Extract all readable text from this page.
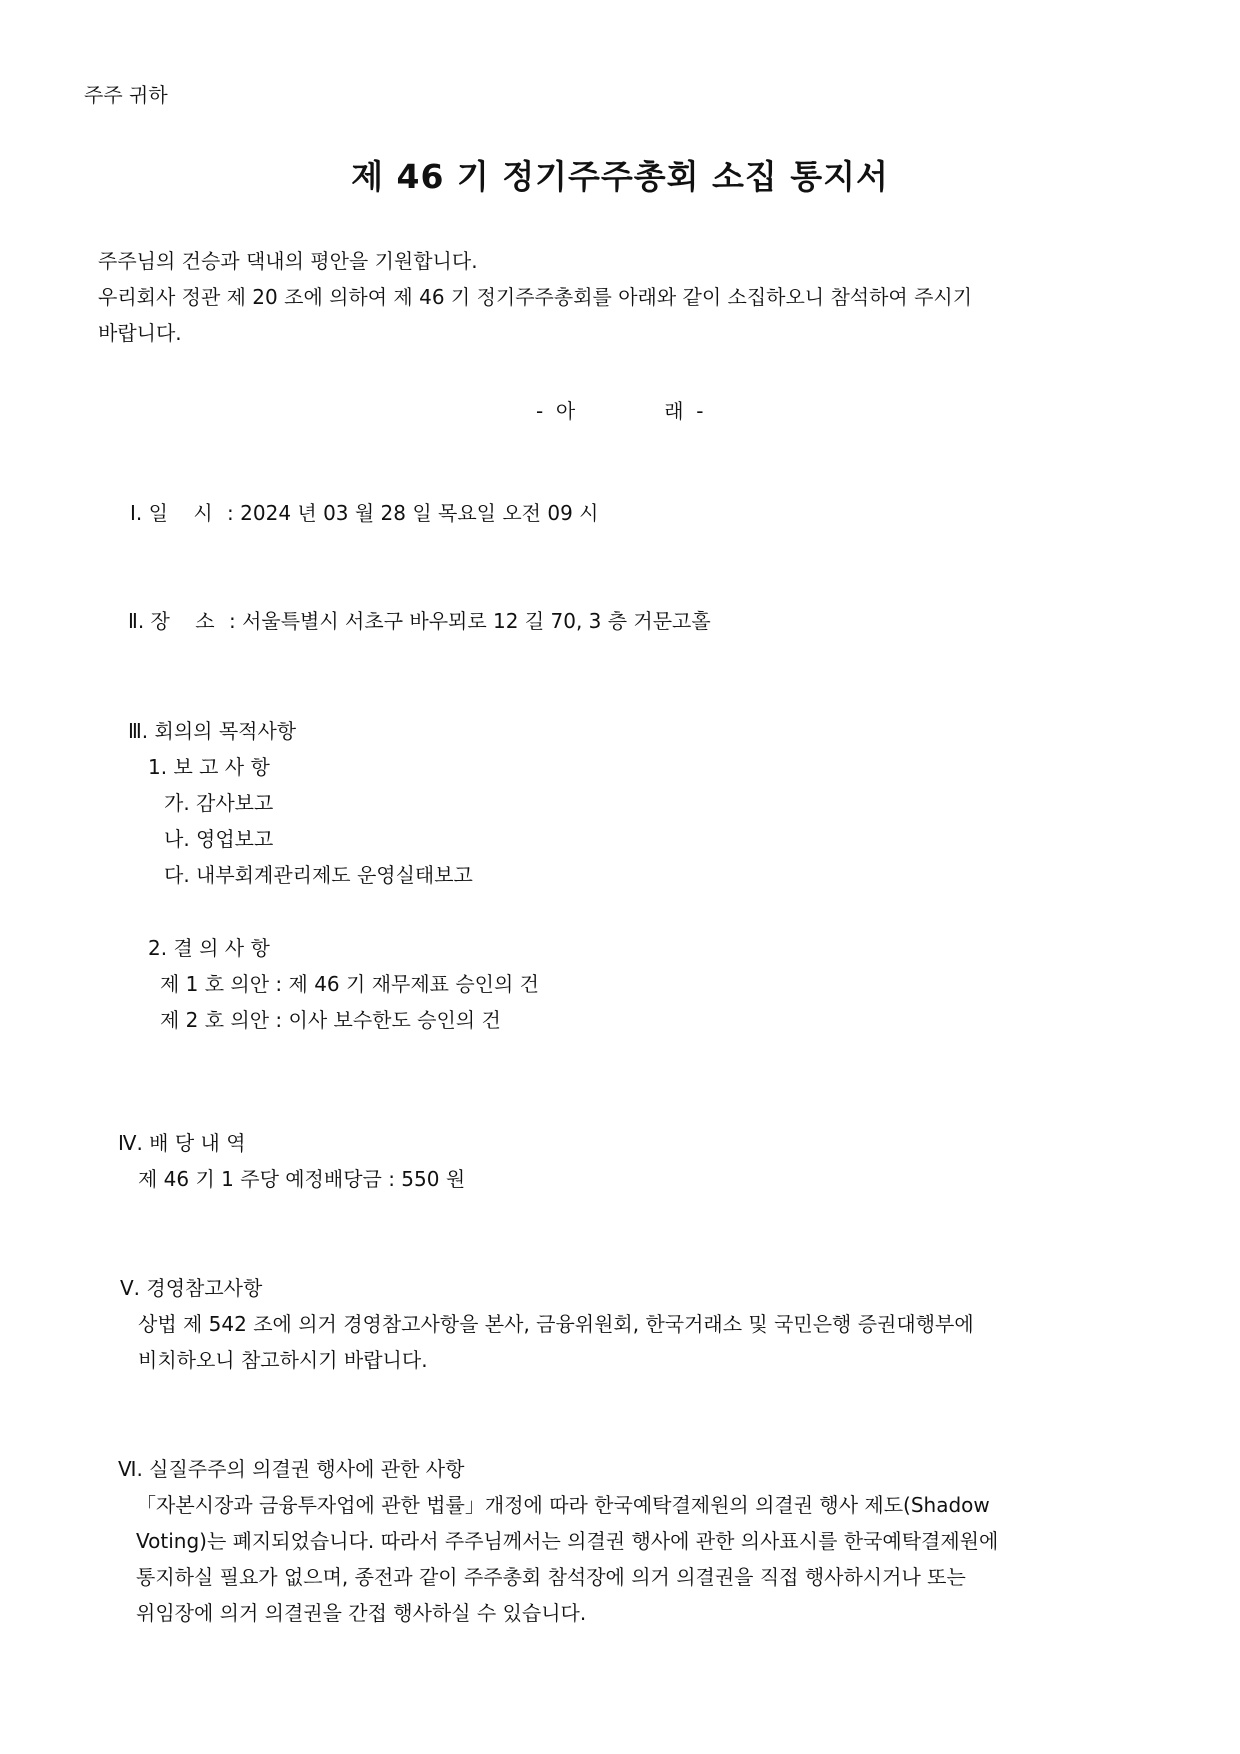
주주 귀하
제 46 기 정기주주총회 소집 통지서
주주님의 건승과 댁내의 평안을 기원합니다.
우리회사 정관 제 20 조에 의하여 제 46 기 정기주주총회를 아래와 같이 소집하오니 참석하여 주시기
바랍니다.
-  아              래  -
Ⅰ. 일    시 : 2024 년 03 월 28 일 목요일 오전 09 시
Ⅱ. 장    소 : 서울특별시 서초구 바우뫼로 12 길 70, 3 층 거문고홀
Ⅲ. 회의의 목적사항
1. 보 고 사 항
가. 감사보고
나. 영업보고
다. 내부회계관리제도 운영실태보고
2. 결 의 사 항
제 1 호 의안 : 제 46 기 재무제표 승인의 건
제 2 호 의안 : 이사 보수한도 승인의 건
Ⅳ. 배 당 내 역
제 46 기 1 주당 예정배당금 : 550 원
Ⅴ. 경영참고사항
상법 제 542 조에 의거 경영참고사항을 본사, 금융위원회, 한국거래소 및 국민은행 증권대행부에
비치하오니 참고하시기 바랍니다.
Ⅵ. 실질주주의 의결권 행사에 관한 사항
「자본시장과 금융투자업에 관한 법률」개정에 따라 한국예탁결제원의 의결권 행사 제도(Shadow
Voting)는 폐지되었습니다. 따라서 주주님께서는 의결권 행사에 관한 의사표시를 한국예탁결제원에
통지하실 필요가 없으며, 종전과 같이 주주총회 참석장에 의거 의결권을 직접 행사하시거나 또는
위임장에 의거 의결권을 간접 행사하실 수 있습니다.
